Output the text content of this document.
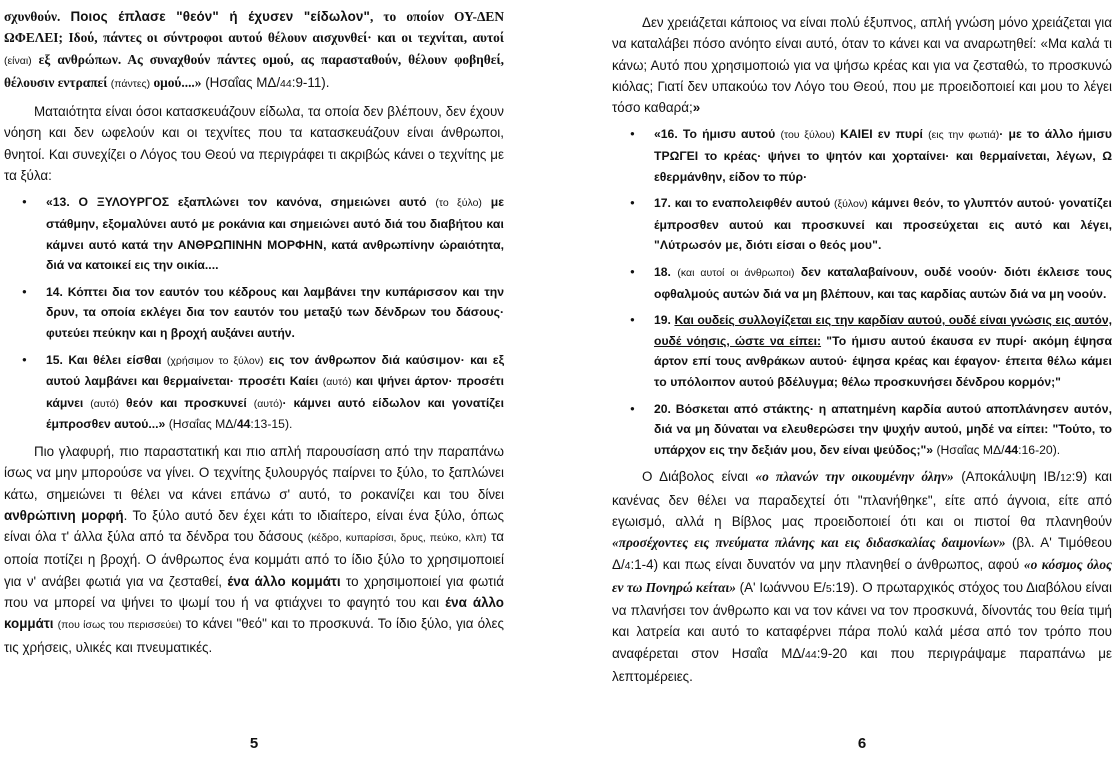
σχυνθούν. Ποιος έπλασε "θεόν" ή έχυσεν "είδωλον", το οποίον ΟΥ-ΔΕΝ ΩΦΕΛΕΙ; Ιδού, πάντες οι σύντροφοι αυτού θέλουν αισχυνθεί· και οι τεχνίται, αυτοί (είναι) εξ ανθρώπων. Ας συναχθούν πάντες ομού, ας παρασταθούν, θέλουν φοβηθεί, θέλουσιν εντραπεί (πάντες) ομού....» (Ησαΐας ΜΔ/44:9-11).

Ματαιότητα είναι όσοι κατασκευάζουν είδωλα, τα οποία δεν βλέπουν, δεν έχουν νόηση και δεν ωφελούν και οι τεχνίτες που τα κατασκευάζουν είναι άνθρωποι, θνητοί. Και συνεχίζει ο Λόγος του Θεού να περιγράφει τι ακριβώς κάνει ο τεχνίτης με τα ξύλα:

● «13. Ο ΞΥΛΟΥΡΓΟΣ εξαπλώνει τον κανόνα, σημειώνει αυτό (το ξύλο) με στάθμην, εξομαλύνει αυτό με ροκάνια και σημειώνει αυτό διά του διαβήτου και κάμνει αυτό κατά την ΑΝΘΡΩΠΙΝΗΝ ΜΟΡΦΗΝ, κατά ανθρωπίνην ώραιότητα, διά να κατοικεί εις την οικία....
● 14. Κόπτει δια τον εαυτόν του κέδρους και λαμβάνει την κυπάρισσον και την δρυν, τα οποία εκλέγει δια τον εαυτόν του μεταξύ των δένδρων του δάσους· φυτεύει πεύκην και η βροχή αυξάνει αυτήν.
● 15. Και θέλει είσθαι (χρήσιμον το ξύλον) εις τον άνθρωπον διά καύσιμον· και εξ αυτού λαμβάνει και θερμαίνεται· προσέτι Καίει (αυτό) και ψήνει άρτον· προσέτι κάμνει (αυτό) θεόν και προσκυνεί (αυτό)· κάμνει αυτό είδωλον και γονατίζει έμπροσθεν αυτού...» (Ησαΐας ΜΔ/44:13-15).

Πιο γλαφυρή, πιο παραστατική και πιο απλή παρουσίαση από την παραπάνω ίσως να μην μπορούσε να γίνει. Ο τεχνίτης ξυλουργός παίρνει το ξύλο, το ξαπλώνει κάτω, σημειώνει τι θέλει να κάνει επάνω σ' αυτό, το ροκανίζει και του δίνει ανθρώπινη μορφή. Το ξύλο αυτό δεν έχει κάτι το ιδιαίτερο, είναι ένα ξύλο, όπως είναι όλα τ' άλλα ξύλα από τα δένδρα του δάσους (κέδρο, κυπαρίσσι, δρυς, πεύκο, κλπ) τα οποία ποτίζει η βροχή. Ο άνθρωπος ένα κομμάτι από το ίδιο ξύλο το χρησιμοποιεί για ν' ανάβει φωτιά για να ζεσταθεί, ένα άλλο κομμάτι το χρησιμοποιεί για φωτιά που να μπορεί να ψήνει το ψωμί του ή να φτιάχνει το φαγητό του και ένα άλλο κομμάτι (που ίσως του περισσεύει) το κάνει "θεό" και το προσκυνά. Το ίδιο ξύλο, για όλες τις χρήσεις, υλικές και πνευματικές.

5

Δεν χρειάζεται κάποιος να είναι πολύ έξυπνος, απλή γνώση μόνο χρειάζεται για να καταλάβει πόσο ανόητο είναι αυτό, όταν το κάνει και να αναρωτηθεί: «Μα καλά τι κάνω; Αυτό που χρησιμοποιώ για να ψήσω κρέας και για να ζεσταθώ, το προσκυνώ κιόλας; Γιατί δεν υπακούω τον Λόγο του Θεού, που με προειδοποιεί και μου το λέγει τόσο καθαρά;»

● «16. Το ήμισυ αυτού (του ξύλου) ΚΑΙΕΙ εν πυρί (εις την φωτιά)· με το άλλο ήμισυ ΤΡΩΓΕΙ το κρέας· ψήνει το ψητόν και χορταίνει· και θερμαίνεται, λέγων, Ω εθερμάνθην, είδον το πύρ·
● 17. και το εναπολειφθέν αυτού (ξύλον) κάμνει θεόν, το γλυπτόν αυτού· γονατίζει έμπροσθεν αυτού και προσκυνεί και προσεύχεται εις αυτό και λέγει, "Λύτρωσόν με, διότι είσαι ο θεός μου".
● 18. (και αυτοί οι άνθρωποι) δεν καταλαβαίνουν, ουδέ νοούν· διότι έκλεισε τους οφθαλμούς αυτών διά να μη βλέπουν, και τας καρδίας αυτών διά να μη νοούν.
● 19. Και ουδείς συλλογίζεται εις την καρδίαν αυτού, ουδέ είναι γνώσις εις αυτόν, ουδέ νόησις, ώστε να είπει: "Το ήμισυ αυτού έκαυσα εν πυρί· ακόμη έψησα άρτον επί τους ανθράκων αυτού· έψησα κρέας και έφαγον· έπειτα θέλω κάμει το υπόλοιπον αυτού βδέλυγμα; θέλω προσκυνήσει δένδρου κορμόν;"
● 20. Βόσκεται από στάκτης· η απατημένη καρδία αυτού αποπλάνησεν αυτόν, διά να μη δύναται να ελευθερώσει την ψυχήν αυτού, μηδέ να είπει: "Τούτο, το υπάρχον εις την δεξιάν μου, δεν είναι ψεύδος;"» (Ησαΐας ΜΔ/44:16-20).

Ο Διάβολος είναι «ο πλανών την οικουμένην όλην» (Αποκάλυψη ΙΒ/12:9) και κανένας δεν θέλει να παραδεχτεί ότι "πλανήθηκε", είτε από άγνοια, είτε από εγωισμό, αλλά η Βίβλος μας προειδοποιεί ότι και οι πιστοί θα πλανηθούν «προσέχοντες εις πνεύματα πλάνης και εις διδασκαλίας δαιμονίων» (βλ. Α' Τιμόθεου Δ/4:1-4) και πως είναι δυνατόν να μην πλανηθεί ο άνθρωπος, αφού «ο κόσμος όλος εν τω Πονηρώ κείται» (Α' Ιωάννου Ε/5:19). Ο πρωταρχικός στόχος του Διαβόλου είναι να πλανήσει τον άνθρωπο και να τον κάνει να τον προσκυνά, δίνοντάς του θεία τιμή και λατρεία και αυτό το καταφέρνει πάρα πολύ καλά μέσα από τον τρόπο που αναφέρεται στον Ησαΐα ΜΔ/44:9-20 και που περιγράψαμε παραπάνω με λεπτομέρειες.

6
